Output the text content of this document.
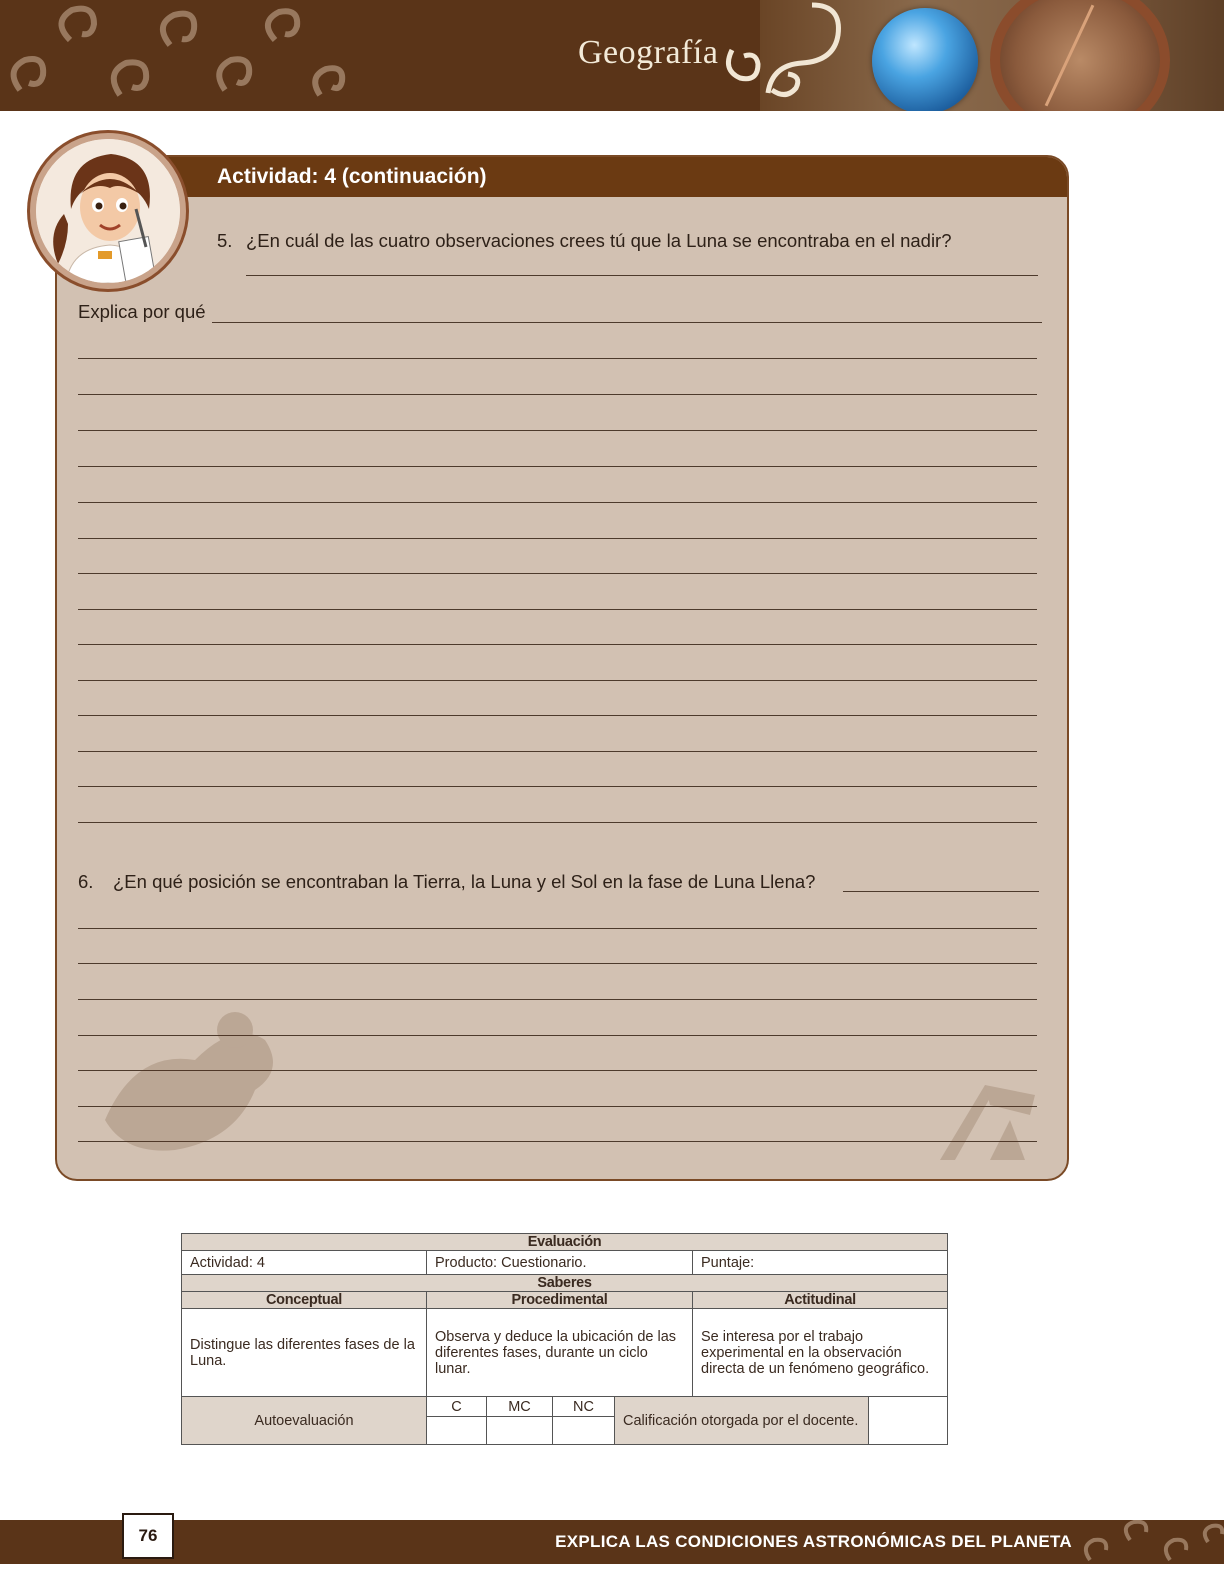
Geografía
Actividad: 4 (continuación)
5. ¿En cuál de las cuatro observaciones crees tú que la Luna se encontraba en el nadir?
Explica por qué
6. ¿En qué posición se encontraban la Tierra, la Luna y el Sol en la fase de Luna Llena?
Evaluación						
Actividad: 4	Producto: Cuestionario.				Puntaje:	
Saberes						
Conceptual	Procedimental				Actitudinal	
Distingue las diferentes fases de la Luna.	Observa y deduce la ubicación de las diferentes fases, durante un ciclo lunar.				Se interesa por el trabajo experimental en la observación directa de un fenómeno geográfico.	
Autoevaluación	C	MC	NC	Calificación otorgada por el docente.		

76	EXPLICA LAS CONDICIONES ASTRONÓMICAS DEL PLANETA
